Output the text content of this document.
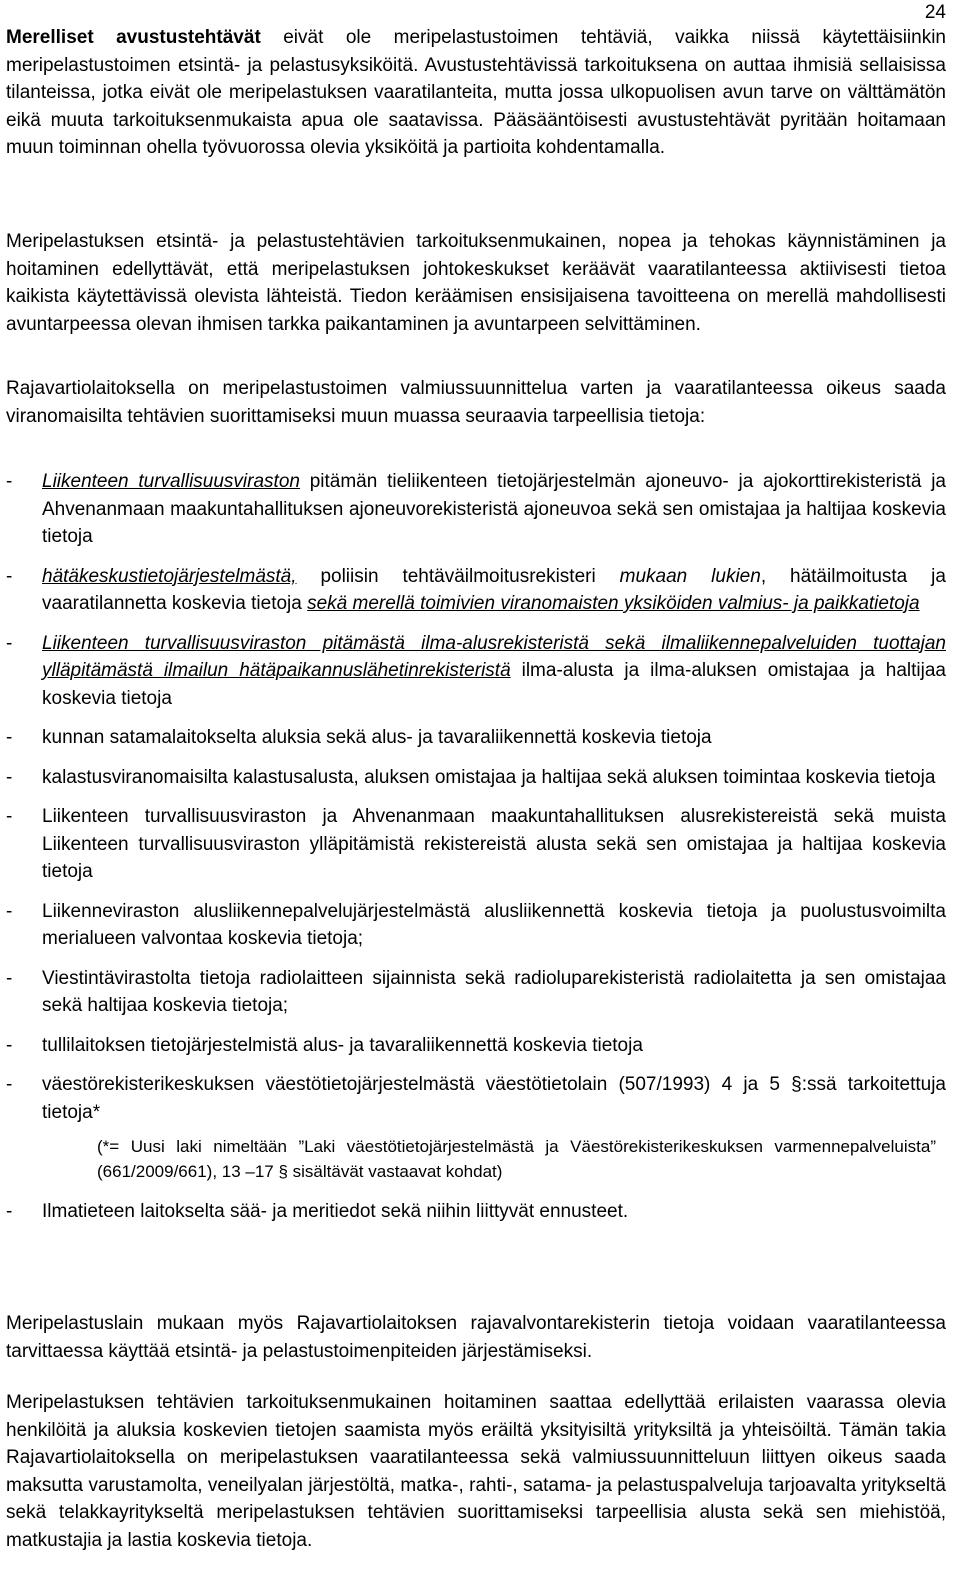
24

Merelliset avustustehtävät eivät ole meripelastustoimen tehtäviä, vaikka niissä käytettäisiinkin meripelastustoimen etsintä- ja pelastusyksiköitä. Avustustehtävissä tarkoituksena on auttaa ihmisiä sellaisissa tilanteissa, jotka eivät ole meripelastuksen vaaratilanteita, mutta jossa ulkopuolisen avun tarve on välttämätön eikä muuta tarkoituksenmukaista apua ole saatavissa. Pääsääntöisesti avustustehtävät pyritään hoitamaan muun toiminnan ohella työvuorossa olevia yksiköitä ja partioita kohdentamalla.

Meripelastuksen etsintä- ja pelastustehtävien tarkoituksenmukainen, nopea ja tehokas käynnistäminen ja hoitaminen edellyttävät, että meripelastuksen johtokeskukset keräävät vaaratilanteessa aktiivisesti tietoa kaikista käytettävissä olevista lähteistä. Tiedon keräämisen ensisijaisena tavoitteena on merellä mahdollisesti avuntarpeessa olevan ihmisen tarkka paikantaminen ja avuntarpeen selvittäminen.

Rajavartiolaitoksella on meripelastustoimen valmiussuunnittelua varten ja vaaratilanteessa oikeus saada viranomaisilta tehtävien suorittamiseksi muun muassa seuraavia tarpeellisia tietoja:

- Liikenteen turvallisuusviraston pitämän tieliikenteen tietojärjestelmän ajoneuvo- ja ajokorttirekisteristä ja Ahvenanmaan maakuntahallituksen ajoneuvorekisteristä ajoneuvoa sekä sen omistajaa ja haltijaa koskevia tietoja
- hätäkeskustietojärjestelmästä, poliisin tehtäväilmoitusrekisteri mukaan lukien, hätäilmoitusta ja vaaratilannetta koskevia tietoja sekä merellä toimivien viranomaisten yksiköiden valmius- ja paikkatietoja
- Liikenteen turvallisuusviraston pitämästä ilma-alusrekisteristä sekä ilmaliikennepalveluiden tuottajan ylläpitämästä ilmailun hätäpaikannuslähetinrekisteristä ilma-alusta ja ilma-aluksen omistajaa ja haltijaa koskevia tietoja
- kunnan satamalaitokselta aluksia sekä alus- ja tavaraliikennettä koskevia tietoja
- kalastusviranomaisilta kalastusalusta, aluksen omistajaa ja haltijaa sekä aluksen toimintaa koskevia tietoja
- Liikenteen turvallisuusviraston ja Ahvenanmaan maakuntahallituksen alusrekistereistä sekä muista Liikenteen turvallisuusviraston ylläpitämistä rekistereistä alusta sekä sen omistajaa ja haltijaa koskevia tietoja
- Liikenneviraston alusliikennepalvelujärjestelmästä alusliikennettä koskevia tietoja ja puolustusvoimilta merialueen valvontaa koskevia tietoja;
- Viestintävirastolta tietoja radiolaitteen sijainnista sekä radioluparekisteristä radiolaitetta ja sen omistajaa sekä haltijaa koskevia tietoja;
- tullilaitoksen tietojärjestelmistä alus- ja tavaraliikennettä koskevia tietoja
- väestörekisterikeskuksen väestötietojärjestelmästä väestötietolain (507/1993) 4 ja 5 §:ssä tarkoitettuja tietoja*
(*= Uusi laki nimeltään ”Laki väestötietojärjestelmästä ja Väestörekisterikeskuksen varmennepalveluista” (661/2009/661), 13 –17 § sisältävät vastaavat kohdat)
- Ilmatieteen laitokselta sää- ja meritiedot sekä niihin liittyvät ennusteet.

Meripelastuslain mukaan myös Rajavartiolaitoksen rajavalvontarekisterin tietoja voidaan vaaratilanteessa tarvittaessa käyttää etsintä- ja pelastustoimenpiteiden järjestämiseksi.

Meripelastuksen tehtävien tarkoituksenmukainen hoitaminen saattaa edellyttää erilaisten vaarassa olevia henkilöitä ja aluksia koskevien tietojen saamista myös eräiltä yksityisiltä yrityksiltä ja yhteisöiltä. Tämän takia Rajavartiolaitoksella on meripelastuksen vaaratilanteessa sekä valmiussuunnitteluun liittyen oikeus saada maksutta varustamolta, veneilyalan järjestöltä, matka-, rahti-, satama- ja pelastuspalveluja tarjoavalta yritykseltä sekä telakkayritykseltä meripelastuksen tehtävien suorittamiseksi tarpeellisia alusta sekä sen miehistöä, matkustajia ja lastia koskevia tietoja.
